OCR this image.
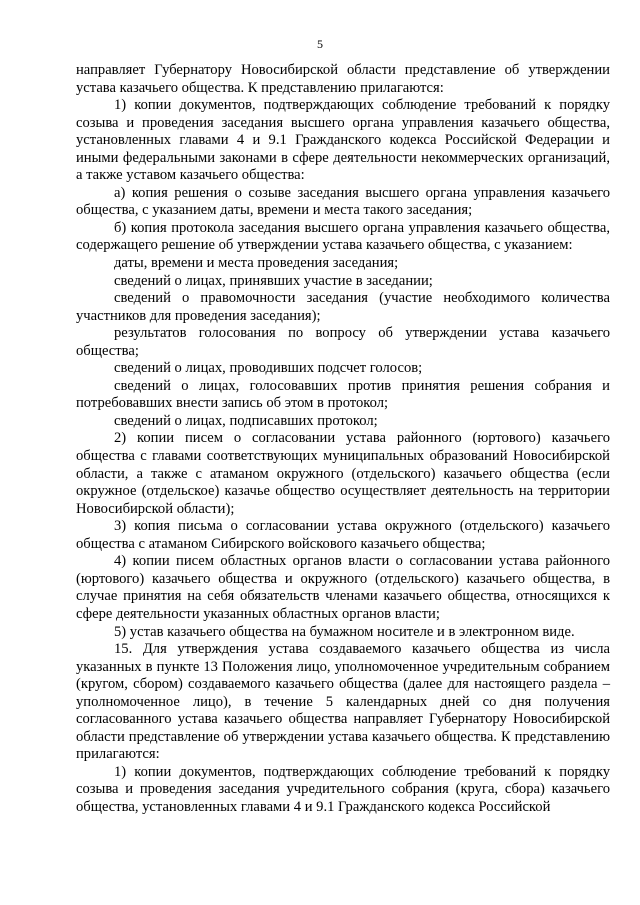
5

направляет Губернатору Новосибирской области представление об утверждении устава казачьего общества. К представлению прилагаются:

1) копии документов, подтверждающих соблюдение требований к порядку созыва и проведения заседания высшего органа управления казачьего общества, установленных главами 4 и 9.1 Гражданского кодекса Российской Федерации и иными федеральными законами в сфере деятельности некоммерческих организаций, а также уставом казачьего общества:

а) копия решения о созыве заседания высшего органа управления казачьего общества, с указанием даты, времени и места такого заседания;

б) копия протокола заседания высшего органа управления казачьего общества, содержащего решение об утверждении устава казачьего общества, с указанием:

даты, времени и места проведения заседания;

сведений о лицах, принявших участие в заседании;

сведений о правомочности заседания (участие необходимого количества участников для проведения заседания);

результатов голосования по вопросу об утверждении устава казачьего общества;

сведений о лицах, проводивших подсчет голосов;

сведений о лицах, голосовавших против принятия решения собрания и потребовавших внести запись об этом в протокол;

сведений о лицах, подписавших протокол;

2) копии писем о согласовании устава районного (юртового) казачьего общества с главами соответствующих муниципальных образований Новосибирской области, а также с атаманом окружного (отдельского) казачьего общества (если окружное (отдельское) казачье общество осуществляет деятельность на территории Новосибирской области);

3) копия письма о согласовании устава окружного (отдельского) казачьего общества с атаманом Сибирского войскового казачьего общества;

4) копии писем областных органов власти о согласовании устава районного (юртового) казачьего общества и окружного (отдельского) казачьего общества, в случае принятия на себя обязательств членами казачьего общества, относящихся к сфере деятельности указанных областных органов власти;

5) устав казачьего общества на бумажном носителе и в электронном виде.

15. Для утверждения устава создаваемого казачьего общества из числа указанных в пункте 13 Положения лицо, уполномоченное учредительным собранием (кругом, сбором) создаваемого казачьего общества (далее для настоящего раздела – уполномоченное лицо), в течение 5 календарных дней со дня получения согласованного устава казачьего общества направляет Губернатору Новосибирской области представление об утверждении устава казачьего общества. К представлению прилагаются:

1) копии документов, подтверждающих соблюдение требований к порядку созыва и проведения заседания учредительного собрания (круга, сбора) казачьего общества, установленных главами 4 и 9.1 Гражданского кодекса Российской
